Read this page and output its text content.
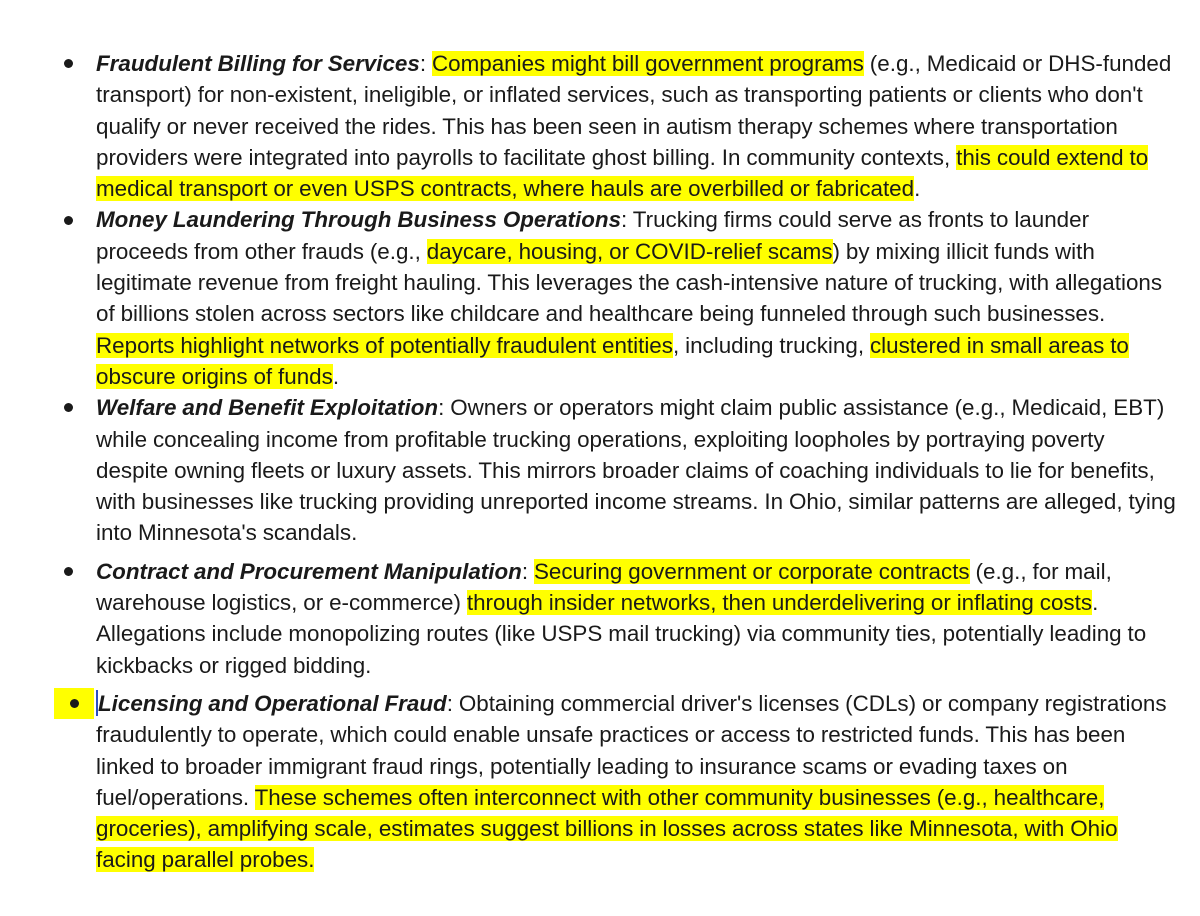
Fraudulent Billing for Services: Companies might bill government programs (e.g., Medicaid or DHS-funded transport) for non-existent, ineligible, or inflated services, such as transporting patients or clients who don't qualify or never received the rides. This has been seen in autism therapy schemes where transportation providers were integrated into payrolls to facilitate ghost billing. In community contexts, this could extend to medical transport or even USPS contracts, where hauls are overbilled or fabricated.
Money Laundering Through Business Operations: Trucking firms could serve as fronts to launder proceeds from other frauds (e.g., daycare, housing, or COVID-relief scams) by mixing illicit funds with legitimate revenue from freight hauling. This leverages the cash-intensive nature of trucking, with allegations of billions stolen across sectors like childcare and healthcare being funneled through such businesses. Reports highlight networks of potentially fraudulent entities, including trucking, clustered in small areas to obscure origins of funds.
Welfare and Benefit Exploitation: Owners or operators might claim public assistance (e.g., Medicaid, EBT) while concealing income from profitable trucking operations, exploiting loopholes by portraying poverty despite owning fleets or luxury assets. This mirrors broader claims of coaching individuals to lie for benefits, with businesses like trucking providing unreported income streams. In Ohio, similar patterns are alleged, tying into Minnesota's scandals.
Contract and Procurement Manipulation: Securing government or corporate contracts (e.g., for mail, warehouse logistics, or e-commerce) through insider networks, then underdelivering or inflating costs. Allegations include monopolizing routes (like USPS mail trucking) via community ties, potentially leading to kickbacks or rigged bidding.
Licensing and Operational Fraud: Obtaining commercial driver's licenses (CDLs) or company registrations fraudulently to operate, which could enable unsafe practices or access to restricted funds. This has been linked to broader immigrant fraud rings, potentially leading to insurance scams or evading taxes on fuel/operations. These schemes often interconnect with other community businesses (e.g., healthcare, groceries), amplifying scale, estimates suggest billions in losses across states like Minnesota, with Ohio facing parallel probes.
